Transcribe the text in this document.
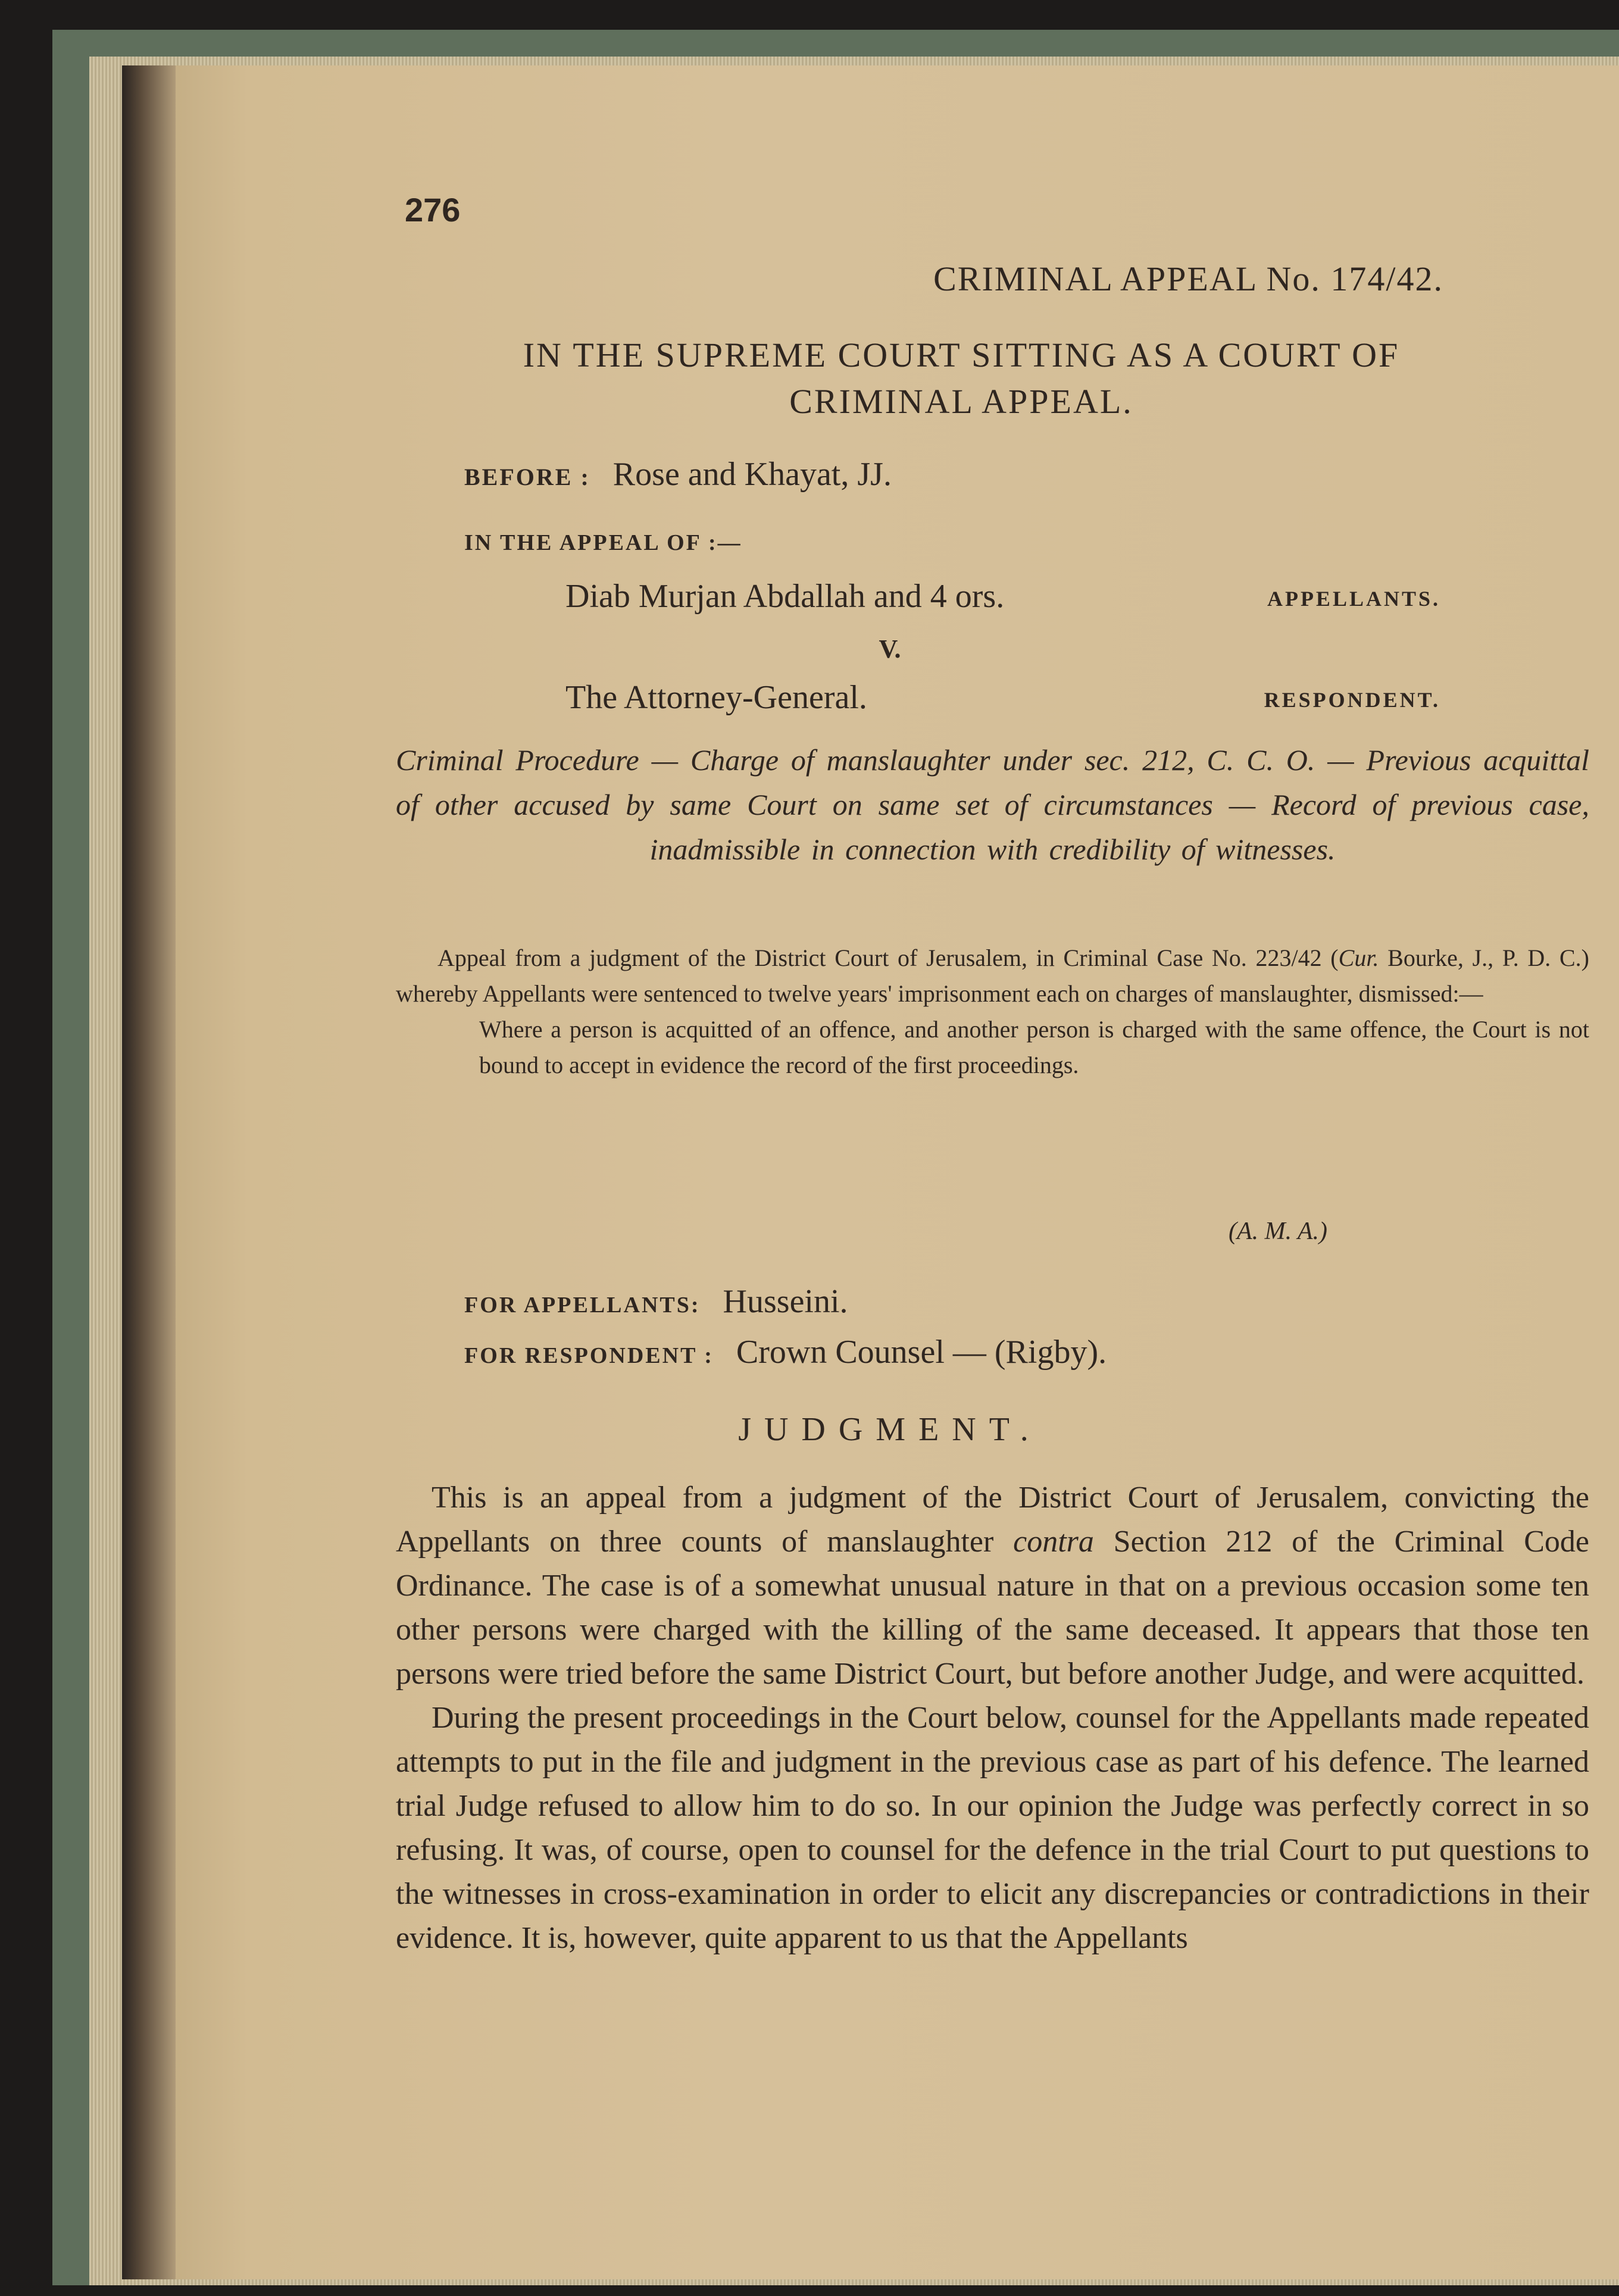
276
CRIMINAL APPEAL No. 174/42.
IN THE SUPREME COURT SITTING AS A COURT OF
CRIMINAL APPEAL.
BEFORE : Rose and Khayat, JJ.
IN THE APPEAL OF :—
Diab Murjan Abdallah and 4 ors.	APPELLANTS.
V.
The Attorney-General.	RESPONDENT.
Criminal Procedure — Charge of manslaughter under sec. 212, C. C. O. — Previous acquittal of other accused by same Court on same set of circumstances — Record of previous case, inadmissible in connection with credibility of witnesses.

Appeal from a judgment of the District Court of Jerusalem, in Criminal Case No. 223/42 (Cur. Bourke, J., P. D. C.) whereby Appellants were sentenced to twelve years' imprisonment each on charges of manslaughter, dismissed:—

Where a person is acquitted of an offence, and another person is charged with the same offence, the Court is not bound to accept in evidence the record of the first proceedings.

(A. M. A.)
FOR APPELLANTS: Husseini.
FOR RESPONDENT : Crown Counsel — (Rigby).
JUDGMENT.

This is an appeal from a judgment of the District Court of Jerusalem, convicting the Appellants on three counts of manslaughter contra Section 212 of the Criminal Code Ordinance. The case is of a somewhat unusual nature in that on a previous occasion some ten other persons were charged with the killing of the same deceased. It appears that those ten persons were tried before the same District Court, but before another Judge, and were acquitted.

During the present proceedings in the Court below, counsel for the Appellants made repeated attempts to put in the file and judgment in the previous case as part of his defence. The learned trial Judge refused to allow him to do so. In our opinion the Judge was perfectly correct in so refusing. It was, of course, open to counsel for the defence in the trial Court to put questions to the witnesses in cross-examination in order to elicit any discrepancies or contradictions in their evidence. It is, however, quite apparent to us that the Appellants
